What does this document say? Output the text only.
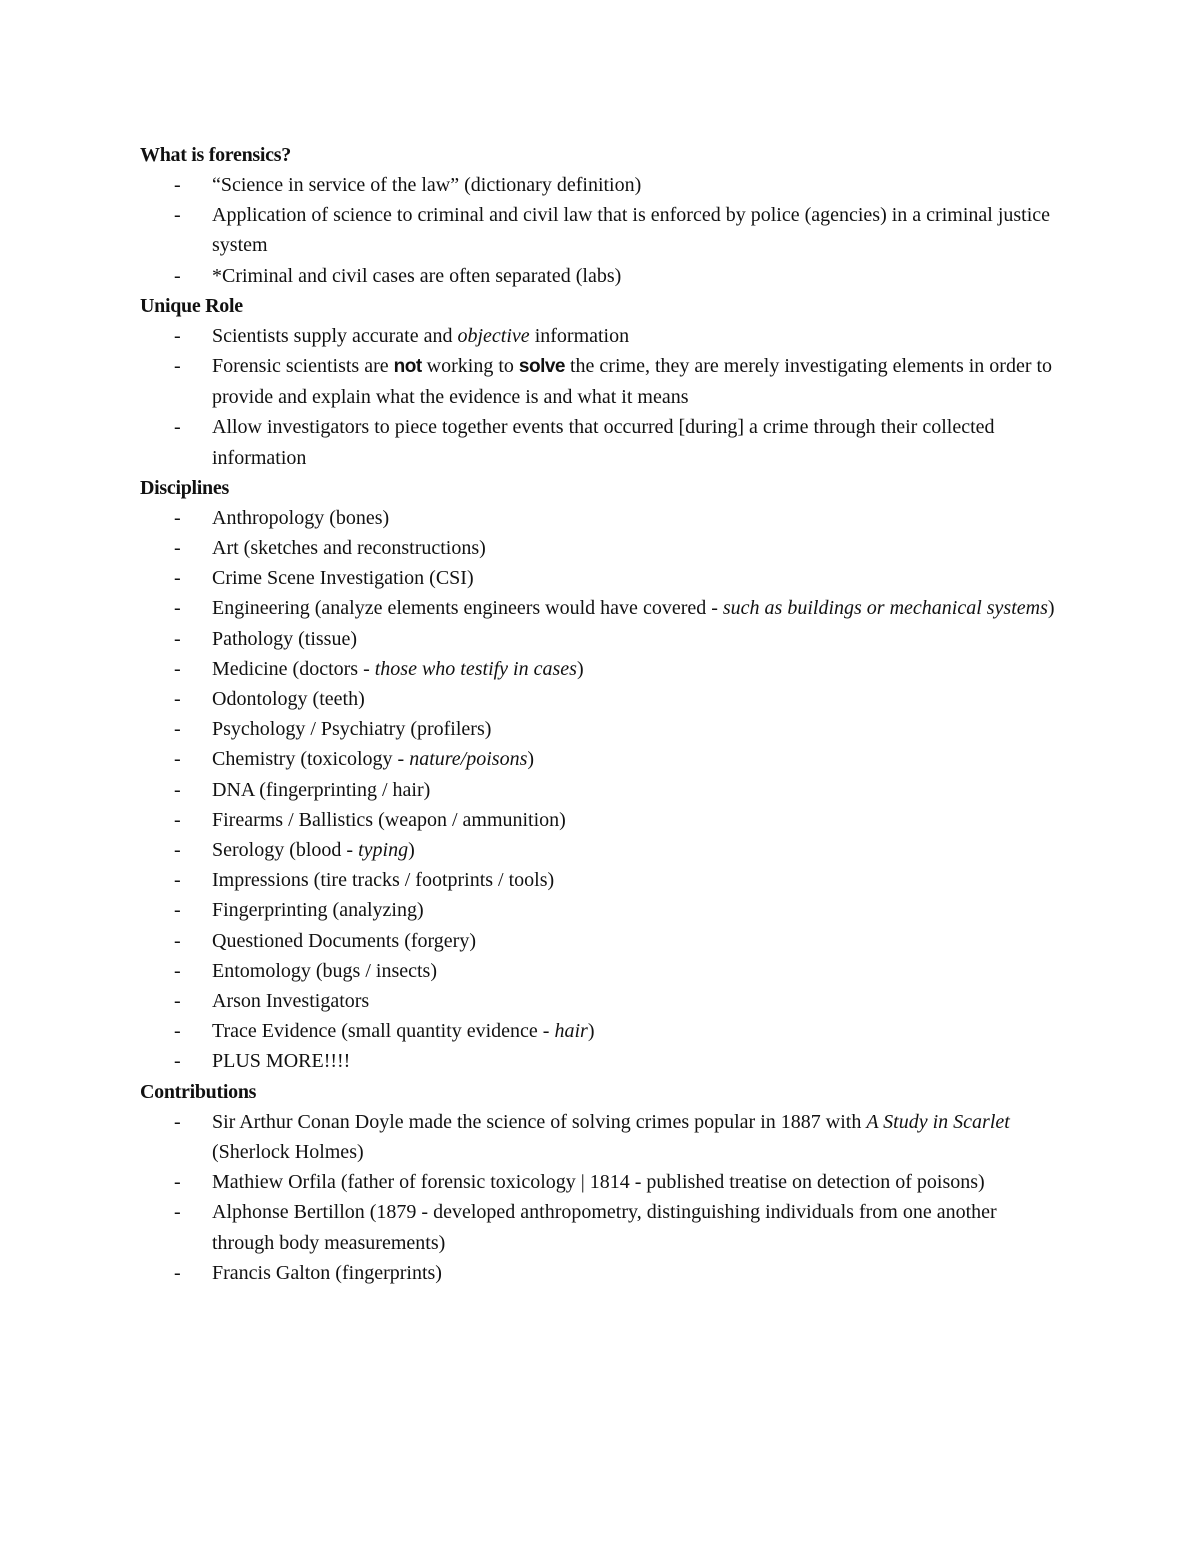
What is forensics?
- “Science in service of the law” (dictionary definition)
- Application of science to criminal and civil law that is enforced by police (agencies) in a criminal justice system
- *Criminal and civil cases are often separated (labs)
Unique Role
- Scientists supply accurate and objective information
- Forensic scientists are not working to solve the crime, they are merely investigating elements in order to provide and explain what the evidence is and what it means
- Allow investigators to piece together events that occurred [during] a crime through their collected information
Disciplines
- Anthropology (bones)
- Art (sketches and reconstructions)
- Crime Scene Investigation (CSI)
- Engineering (analyze elements engineers would have covered - such as buildings or mechanical systems)
- Pathology (tissue)
- Medicine (doctors - those who testify in cases)
- Odontology (teeth)
- Psychology / Psychiatry (profilers)
- Chemistry (toxicology - nature/poisons)
- DNA (fingerprinting / hair)
- Firearms / Ballistics (weapon / ammunition)
- Serology (blood - typing)
- Impressions (tire tracks / footprints / tools)
- Fingerprinting (analyzing)
- Questioned Documents (forgery)
- Entomology (bugs / insects)
- Arson Investigators
- Trace Evidence (small quantity evidence - hair)
- PLUS MORE!!!!
Contributions
- Sir Arthur Conan Doyle made the science of solving crimes popular in 1887 with A Study in Scarlet (Sherlock Holmes)
- Mathiew Orfila (father of forensic toxicology | 1814 - published treatise on detection of poisons)
- Alphonse Bertillon (1879 - developed anthropometry, distinguishing individuals from one another through body measurements)
- Francis Galton (fingerprints)
